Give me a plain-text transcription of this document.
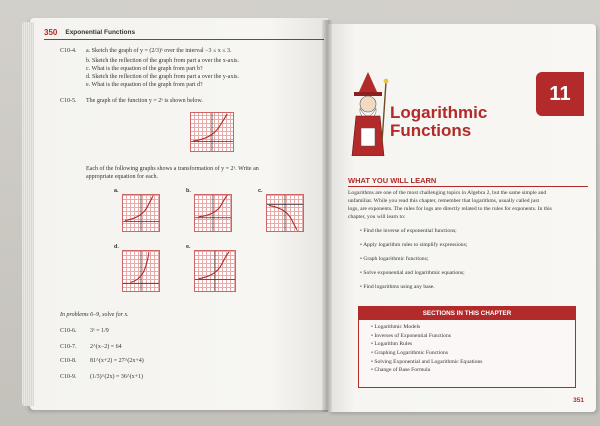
350 Exponential Functions
C10-4. a. Sketch the graph of y = (2/3)ˣ over the interval −3 ≤ x ≤ 3.
b. Sketch the reflection of the graph from part a over the x-axis.
c. What is the equation of the graph from part b?
d. Sketch the reflection of the graph from part a over the y-axis.
e. What is the equation of the graph from part d?
C10-5. The graph of the function y = 2ˣ is shown below.
Each of the following graphs shows a transformation of y = 2ˣ. Write an
appropriate equation for each.
a.	b.	c.
d.	e.
In problems 6–9, solve for x.
C10-6. 3ˣ = 1/9
C10-7. 2^(x−2) = 64
C10-8. 81^(x+2) = 27^(2x+4)
C10-9. (1/3)^(2x) = 36^(x+1)
11
Logarithmic
Functions
WHAT YOU WILL LEARN
Logarithms are one of the most challenging topics in Algebra 2, but the same simple and
unfamiliar. While you read this chapter, remember that logarithms, usually called just
logs, are exponents. The rules for logs are directly related to the rules for exponents. In this
chapter, you will learn to:
• Find the inverse of exponential functions;
• Apply logarithm rules to simplify expressions;
• Graph logarithmic functions;
• Solve exponential and logarithmic equations;
• Find logarithms using any base.
SECTIONS IN THIS CHAPTER
• Logarithmic Models
• Inverses of Exponential Functions
• Logarithm Rules
• Graphing Logarithmic Functions
• Solving Exponential and Logarithmic Equations
• Change of Base Formula
351
